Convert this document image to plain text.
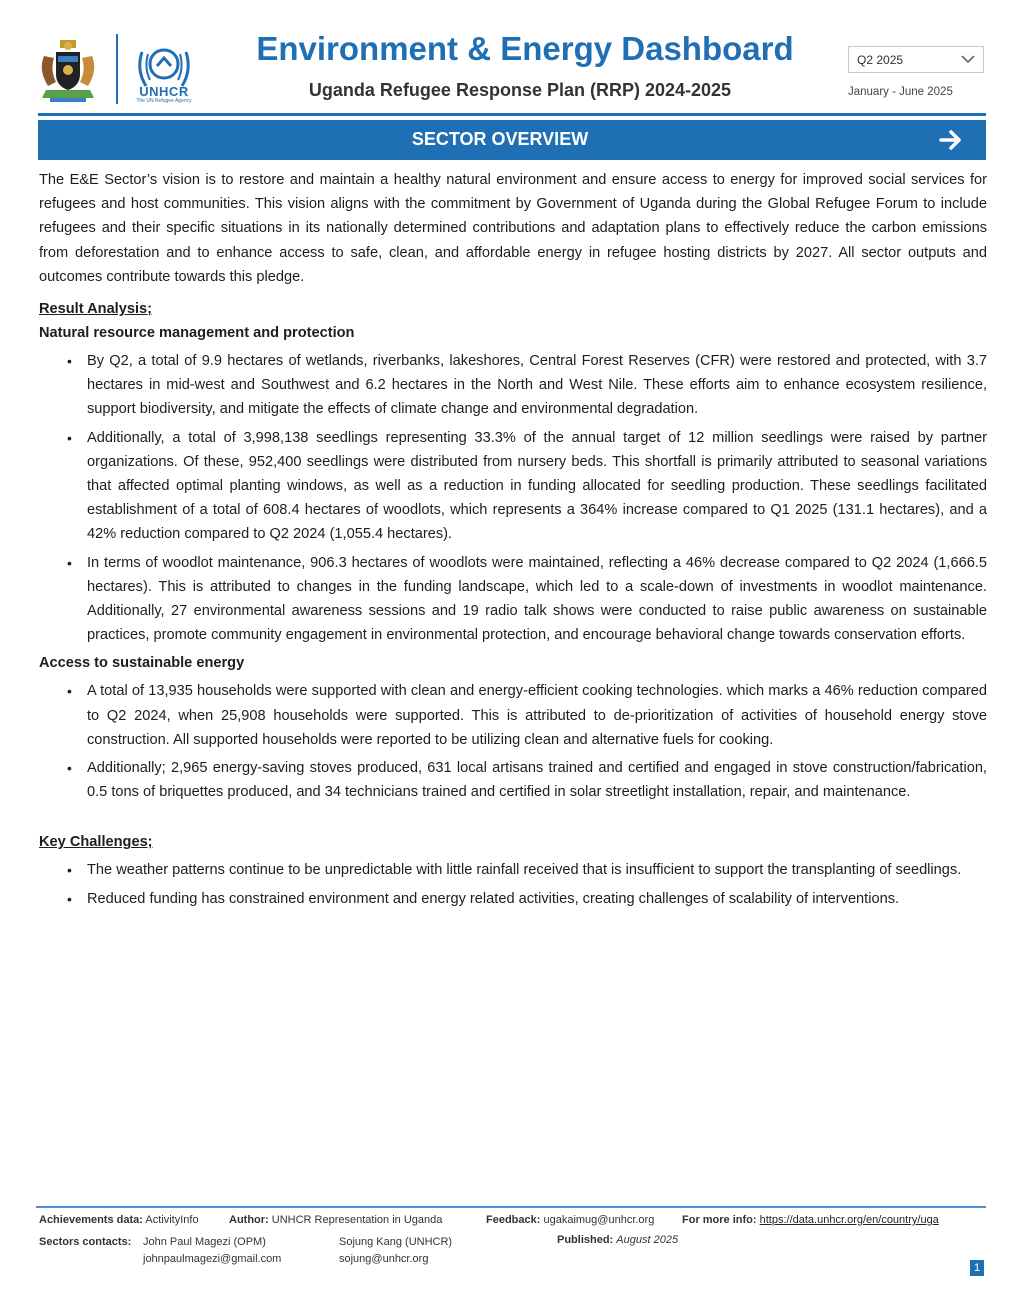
UNHCR
The UN Refugee Agency
Environment & Energy Dashboard
Uganda Refugee Response Plan (RRP) 2024-2025
Q2 2025
January - June 2025
SECTOR OVERVIEW

The E&E Sector’s vision is to restore and maintain a healthy natural environment and ensure access to energy for improved social services for refugees and host communities. This vision aligns with the commitment by Government of Uganda during the Global Refugee Forum to include refugees and their specific situations in its nationally determined contributions and adaptation plans to effectively reduce the carbon emissions from deforestation and to enhance access to safe, clean, and affordable energy in refugee hosting districts by 2027. All sector outputs and outcomes contribute towards this pledge.

Result Analysis;
Natural resource management and protection
• By Q2, a total of 9.9 hectares of wetlands, riverbanks, lakeshores, Central Forest Reserves (CFR) were restored and protected, with 3.7 hectares in mid-west and Southwest and 6.2 hectares in the North and West Nile. These efforts aim to enhance ecosystem resilience, support biodiversity, and mitigate the effects of climate change and environmental degradation.
• Additionally, a total of 3,998,138 seedlings representing 33.3% of the annual target of 12 million seedlings were raised by partner organizations. Of these, 952,400 seedlings were distributed from nursery beds. This shortfall is primarily attributed to seasonal variations that affected optimal planting windows, as well as a reduction in funding allocated for seedling production. These seedlings facilitated establishment of a total of 608.4 hectares of woodlots, which represents a 364% increase compared to Q1 2025 (131.1 hectares), and a 42% reduction compared to Q2 2024 (1,055.4 hectares).
• In terms of woodlot maintenance, 906.3 hectares of woodlots were maintained, reflecting a 46% decrease compared to Q2 2024 (1,666.5 hectares). This is attributed to changes in the funding landscape, which led to a scale-down of investments in woodlot maintenance. Additionally, 27 environmental awareness sessions and 19 radio talk shows were conducted to raise public awareness on sustainable practices, promote community engagement in environmental protection, and encourage behavioral change towards conservation efforts.
Access to sustainable energy
• A total of 13,935 households were supported with clean and energy-efficient cooking technologies. which marks a 46% reduction compared to Q2 2024, when 25,908 households were supported. This is attributed to de-prioritization of activities of household energy stove construction. All supported households were reported to be utilizing clean and alternative fuels for cooking.
• Additionally; 2,965 energy-saving stoves produced, 631 local artisans trained and certified and engaged in stove construction/fabrication, 0.5 tons of briquettes produced, and 34 technicians trained and certified in solar streetlight installation, repair, and maintenance.
Key Challenges;
• The weather patterns continue to be unpredictable with little rainfall received that is insufficient to support the transplanting of seedlings.
• Reduced funding has constrained environment and energy related activities, creating challenges of scalability of interventions.
Achievements data: ActivityInfo	Author: UNHCR Representation in Uganda	Feedback: ugakaimug@unhcr.org	For more info: https://data.unhcr.org/en/country/uga
Sectors contacts: John Paul Magezi (OPM)
johnpaulmagezi@gmail.com
Sojung Kang (UNHCR)
sojung@unhcr.org
Published: August 2025
1
